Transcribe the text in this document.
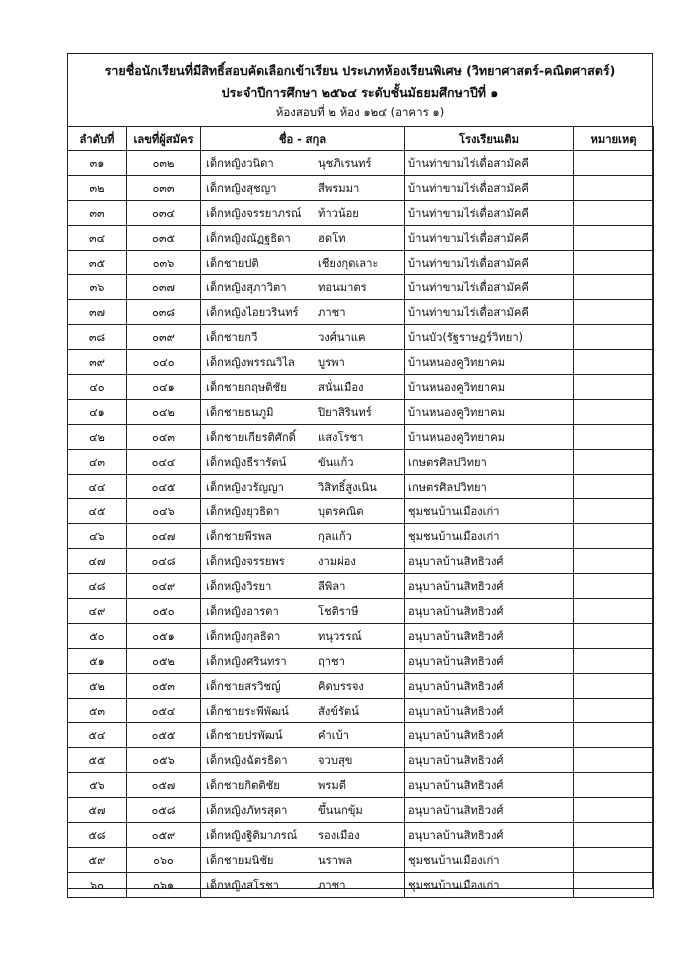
รายชื่อนักเรียนที่มีสิทธิ์สอบคัดเลือกเข้าเรียน ประเภทห้องเรียนพิเศษ (วิทยาศาสตร์-คณิตศาสตร์)
ประจำปีการศึกษา ๒๕๖๔ ระดับชั้นมัธยมศึกษาปีที่ ๑
ห้องสอบที่ ๒ ห้อง ๑๒๔ (อาคาร ๑)
ลำดับที่	เลขที่ผู้สมัคร	ชื่อ - สกุล	โรงเรียนเดิม	หมายเหตุ
๓๑	๐๓๒	เด็กหญิงวนิดา นุชภิเรนทร์	บ้านท่าขามไร่เดื่อสามัคคี	
๓๒	๐๓๓	เด็กหญิงสุชญา สีพรมมา	บ้านท่าขามไร่เดื่อสามัคคี	
๓๓	๐๓๔	เด็กหญิงจรรยาภรณ์ ท้าวน้อย	บ้านท่าขามไร่เดื่อสามัคคี	
๓๔	๐๓๕	เด็กหญิงณัฏฐธิดา ฮดโท	บ้านท่าขามไร่เดื่อสามัคคี	
๓๕	๐๓๖	เด็กชายปติ เชียงกุดเลาะ	บ้านท่าขามไร่เดื่อสามัคคี	
๓๖	๐๓๗	เด็กหญิงสุภาวิตา ทอนมาตร	บ้านท่าขามไร่เดื่อสามัคคี	
๓๗	๐๓๘	เด็กหญิงไอยวรินทร์ ภาชา	บ้านท่าขามไร่เดื่อสามัคคี	
๓๘	๐๓๙	เด็กชายกวี วงศ์นาแค	บ้านบัว(รัฐราษฎร์วิทยา)	
๓๙	๐๔๐	เด็กหญิงพรรณวิไล บูรพา	บ้านหนองคูวิทยาคม	
๔๐	๐๔๑	เด็กชายกฤษติชัย สนั่นเมือง	บ้านหนองคูวิทยาคม	
๔๑	๐๔๒	เด็กชายธนภูมิ ปิยาสิรินทร์	บ้านหนองคูวิทยาคม	
๔๒	๐๔๓	เด็กชายเกียรติศักดิ์ แสงโรชา	บ้านหนองคูวิทยาคม	
๔๓	๐๔๔	เด็กหญิงธีรารัตน์ ขันแก้ว	เกษตรศิลปวิทยา	
๔๔	๐๔๕	เด็กหญิงวรัญญา วิสิทธิ์สูงเนิน	เกษตรศิลปวิทยา	
๔๕	๐๔๖	เด็กหญิงยุวธิดา บุตรคณิต	ชุมชนบ้านเมืองเก่า	
๔๖	๐๔๗	เด็กชายพีรพล กุลแก้ว	ชุมชนบ้านเมืองเก่า	
๔๗	๐๔๘	เด็กหญิงจรรยพร งามผ่อง	อนุบาลบ้านสิทธิวงศ์	
๔๘	๐๔๙	เด็กหญิงวิรยา ลีพิลา	อนุบาลบ้านสิทธิวงศ์	
๔๙	๐๕๐	เด็กหญิงอารดา โชติราษี	อนุบาลบ้านสิทธิวงศ์	
๕๐	๐๕๑	เด็กหญิงกุลธิดา ทนุวรรณ์	อนุบาลบ้านสิทธิวงศ์	
๕๑	๐๕๒	เด็กหญิงศรินทรา ฤาชา	อนุบาลบ้านสิทธิวงศ์	
๕๒	๐๕๓	เด็กชายสรวิชญ์ คิดบรรจง	อนุบาลบ้านสิทธิวงศ์	
๕๓	๐๕๔	เด็กชายระพีพัฒน์ สังข์รัตน์	อนุบาลบ้านสิทธิวงศ์	
๕๔	๐๕๕	เด็กชายปรพัฒน์ คำเบ้า	อนุบาลบ้านสิทธิวงศ์	
๕๕	๐๕๖	เด็กหญิงฉัตรธิดา จวบสุข	อนุบาลบ้านสิทธิวงศ์	
๕๖	๐๕๗	เด็กชายกิตติชัย พรมตี	อนุบาลบ้านสิทธิวงศ์	
๕๗	๐๕๘	เด็กหญิงภัทรสุดา ขึ้นนกขุ้ม	อนุบาลบ้านสิทธิวงศ์	
๕๘	๐๕๙	เด็กหญิงฐิติมาภรณ์ รองเมือง	อนุบาลบ้านสิทธิวงศ์	
๕๙	๐๖๐	เด็กชายมนิชัย นราพล	ชุมชนบ้านเมืองเก่า	
๖๐	๐๖๑	เด็กหญิงสโรชา ภาชา	ชุมชนบ้านเมืองเก่า	
